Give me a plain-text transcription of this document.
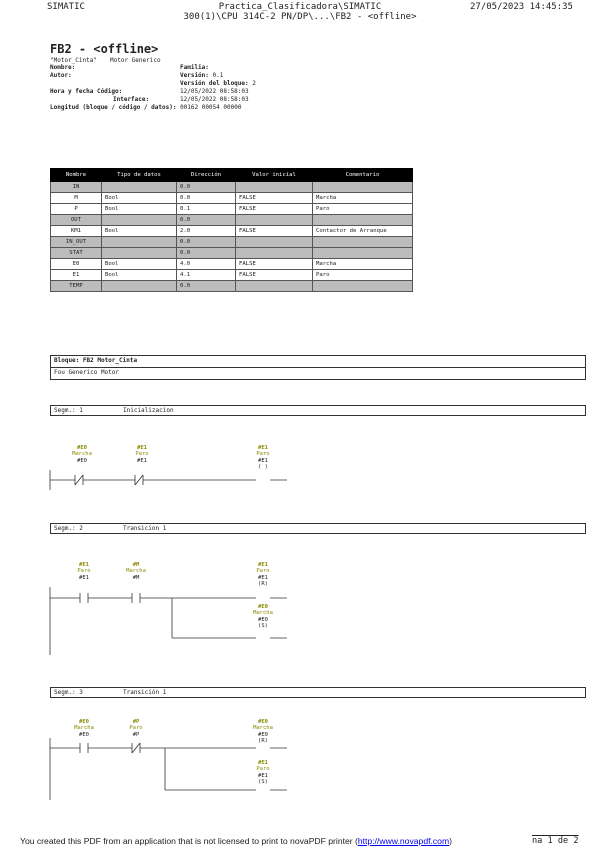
SIMATIC	Practica_Clasificadora\SIMATIC
300(1)\CPU 314C-2 PN/DP\...\FB2 - <offline>
27/05/2023 14:45:35
FB2 - <offline>
"Motor_Cinta" Motor Generico
Nombre:	Familia:
Autor:	Versión: 0.1
Versión del bloque: 2
Hora y fecha Código:	12/05/2022 08:58:03
Interface:	12/05/2022 08:58:03
Longitud (bloque / código / datos): 00162 00054 00000
Nombre	Tipo de datos	Dirección	Valor inicial	Comentario
IN		0.0		
M	Bool	0.0	FALSE	Marcha
P	Bool	0.1	FALSE	Paro
OUT		0.0		
KM1	Bool	2.0	FALSE	Contactor de Arranque
IN_OUT		0.0		
STAT		0.0		
E0	Bool	4.0	FALSE	Marcha
E1	Bool	4.1	FALSE	Paro
TEMP		0.0		
Bloque: FB2 Motor_Cinta
Fou Generico Motor
Segm.: 1	Inicializacion
Segm.: 2	Transicion 1
Segm.: 3	Transición 1
#E0
Marcha
#E0
#E1
Paro
#E1
#E1
Paro
#E1
( )
#E1
Paro
#E1
#M
Marcha
#M
#E1
Paro
#E1
(R)
#E0
Marcha
#E0
(S)
#E0
Marcha
#E0
#P
Paro
#P
#E0
Marcha
#E0
(R)
#E1
Paro
#E1
(S)
You created this PDF from an application that is not licensed to print to novaPDF printer (http://www.novapdf.com)	na 1 de 2
